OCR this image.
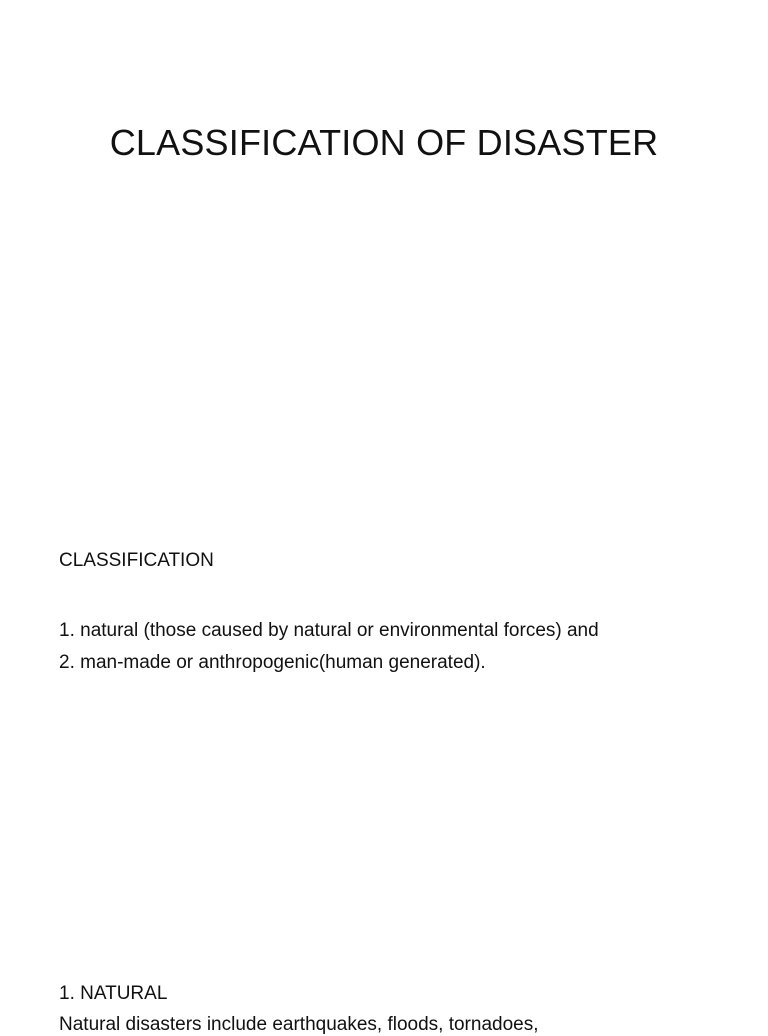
CLASSIFICATION OF DISASTER

CLASSIFICATION

1. natural (those caused by natural or environmental forces) and
2. man-made or anthropogenic(human generated).

1. NATURAL

Natural disasters include earthquakes, floods, tornadoes,
